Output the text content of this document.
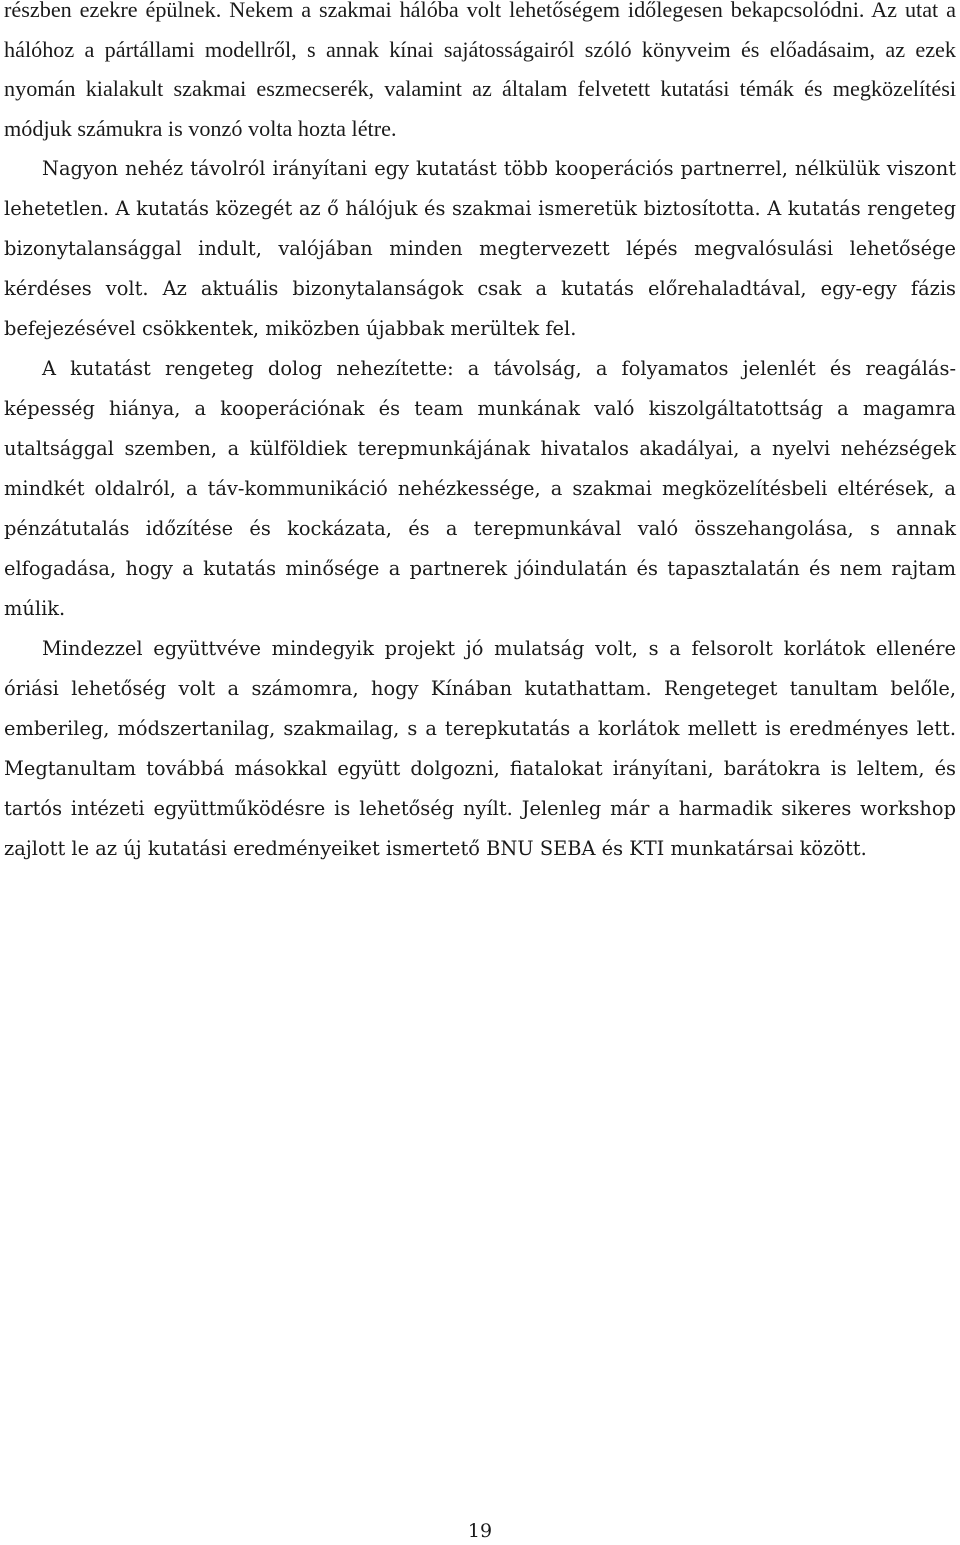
részben ezekre épülnek. Nekem a szakmai hálóba volt lehetőségem időlegesen bekapcsolódni. Az utat a hálóhoz a pártállami modellről, s annak kínai sajátosságairól szóló könyveim és előadásaim, az ezek nyomán kialakult szakmai eszmecserék, valamint az általam felvetett kutatási témák és megközelítési módjuk számukra is vonzó volta hozta létre.

Nagyon nehéz távolról irányítani egy kutatást több kooperációs partnerrel, nélkülük viszont lehetetlen. A kutatás közegét az ő hálójuk és szakmai ismeretük biztosította. A kutatás rengeteg bizonytalansággal indult, valójában minden megtervezett lépés megvalósulási lehetősége kérdéses volt. Az aktuális bizonytalanságok csak a kutatás előrehaladtával, egy-egy fázis befejezésével csökkentek, miközben újabbak merültek fel.

A kutatást rengeteg dolog nehezítette: a távolság, a folyamatos jelenlét és reagálás-képesség hiánya, a kooperációnak és team munkának való kiszolgáltatottság a magamra utaltsággal szemben, a külföldiek terepmunkájának hivatalos akadályai, a nyelvi nehézségek mindkét oldalról, a táv-kommunikáció nehézkessége, a szakmai megközelítésbeli eltérések, a pénzátutalás időzítése és kockázata, és a terepmunkával való összehangolása, s annak elfogadása, hogy a kutatás minősége a partnerek jóindulatán és tapasztalatán és nem rajtam múlik.

Mindezzel együttvéve mindegyik projekt jó mulatság volt, s a felsorolt korlátok ellenére óriási lehetőség volt a számomra, hogy Kínában kutathattam. Rengeteget tanultam belőle, emberileg, módszertanilag, szakmailag, s a terepkutatás a korlátok mellett is eredményes lett. Megtanultam továbbá másokkal együtt dolgozni, fiatalokat irányítani, barátokra is leltem, és tartós intézeti együttműködésre is lehetőség nyílt. Jelenleg már a harmadik sikeres workshop zajlott le az új kutatási eredményeiket ismertető BNU SEBA és KTI munkatársai között.

19
